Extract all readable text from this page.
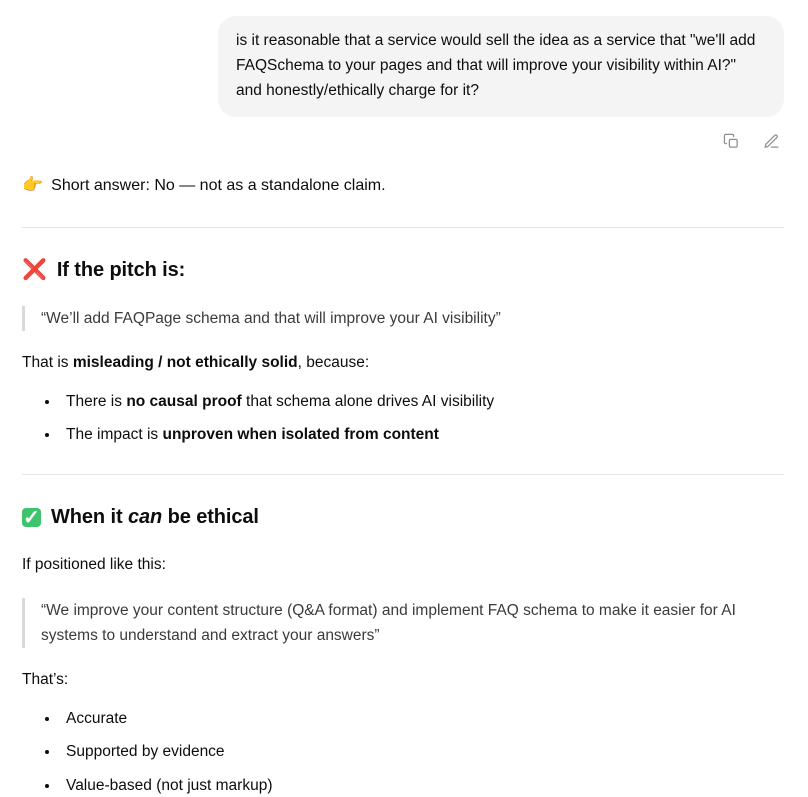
is it reasonable that a service would sell the idea as a service that "we'll add FAQSchema to your pages and that will improve your visibility within AI?" and honestly/ethically charge for it?

👉 Short answer: No — not as a standalone claim.

❌ If the pitch is:
“We’ll add FAQPage schema and that will improve your AI visibility”

That is misleading / not ethically solid, because:

• There is no causal proof that schema alone drives AI visibility
• The impact is unproven when isolated from content
✓ When it can be ethical

If positioned like this:

“We improve your content structure (Q&A format) and implement FAQ schema to make it easier for AI systems to understand and extract your answers”

That’s:

• Accurate
• Supported by evidence
• Value-based (not just markup)
